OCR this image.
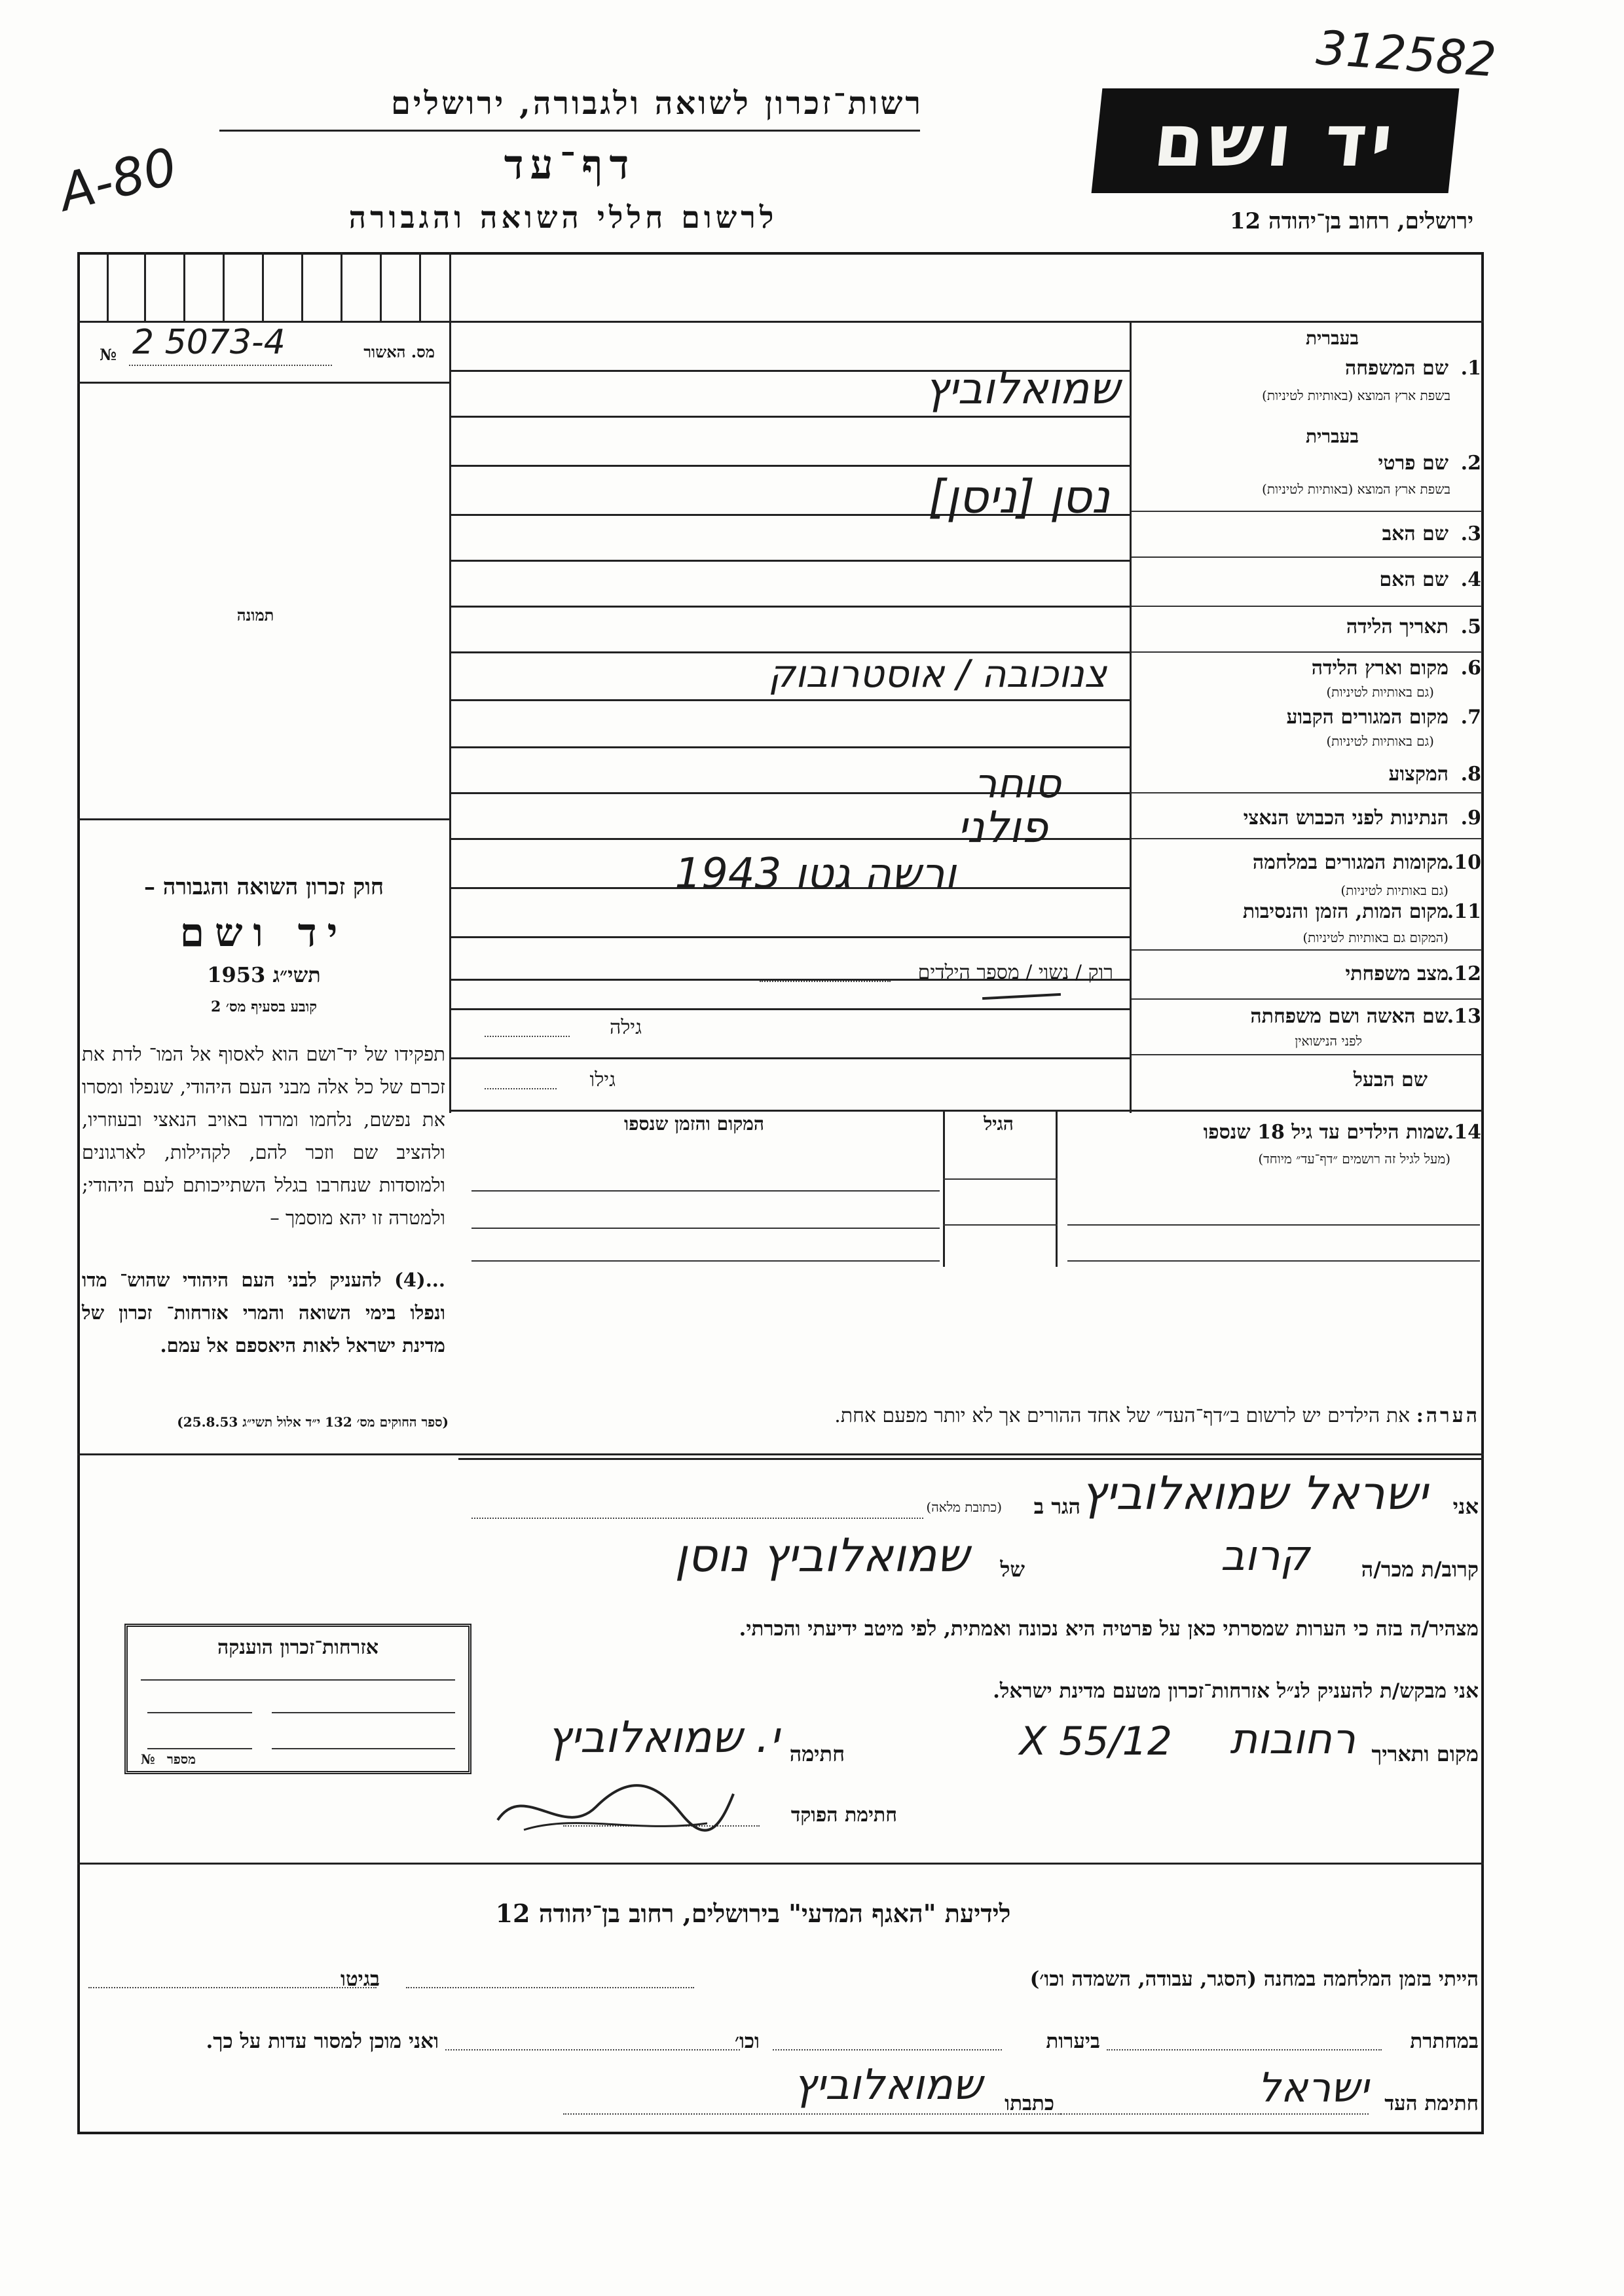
312582
A-80
רשות־זכרון לשואה ולגבורה, ירושלים
דף־עד
לרשום חללי השואה והגבורה
יד ושם
ירושלים, רחוב בן־יהודה 12
מס. האשור
№ 2 5073-4
תמונה
חוק זכרון השואה והגבורה –
יד ושם
תשי״ג 1953
קובע בסעיף מס׳ 2
תפקידו של יד־ושם הוא לאסוף אל המו־ לדת את זכרם של כל אלה מבני העם היהודי, שנפלו ומסרו את נפשם, נלחמו ומרדו באויב הנאצי ובעוזריו, ולהציב שם וזכר להם, לקהילות, לארגונים ולמוסדות שנחרבו בגלל השתייכותם לעם היהודי; ולמטרה זו יהא מוסמך –
...(4) להעניק לבני העם היהודי שהוש־ מדו ונפלו בימי השואה והמרי אזרחות־ זכרון של מדינת ישראל לאות היאספם אל עמם.
(ספר החוקים מס׳ 132 י״ד אלול תשי״ג 25.8.53)
בעברית
1.
שם המשפחה
בשפת ארץ המוצא (באותיות לטיניות)
בעברית
2.
שם פרטי
בשפת ארץ המוצא (באותיות לטיניות)
3.
שם האב
4.
שם האם
5.
תאריך הלידה
6.
מקום וארץ הלידה
(גם באותיות לטיניות)
7.
מקום המגורים הקבוע
(גם באותיות לטיניות)
8.
המקצוע
9.
הנתינות לפני הכבוש הנאצי
10.
מקומות המגורים במלחמה
(גם באותיות לטיניות)
11.
מקום המות, הזמן והנסיבות
(המקום גם באותיות לטיניות)
12.
מצב משפחתי
13.
שם האשה ושם משפחתה
לפני הנישואין
שם הבעל
שמואלוביץ
נסן [ניסן]
צנוכובה / אוסטרובוק
סוחר
פולני
ורשה גטו 1943
רוק / נשוי / מספר הילדים
גילה
גילו
המקום והזמן שנספו	הגיל	14.
שמות הילדים עד גיל 18 שנספו
(מעל לגיל זה רושמים ״דף־עד״ מיוחד)
הערה: את הילדים יש לרשום ב״דף־העד״ של אחד ההורים אך לא יותר מפעם אחת.
אני
ישראל שמואלוביץ
הגר ב
(כתובת מלאה)
קרוב/ת מכר/ה
קרוב
של
שמואלוביץ נוסן
מצהיר/ה בזה כי הערות שמסרתי כאן על פרטיה היא נכונה ואמתית, לפי מיטב ידיעתי והכרתי.
אני מבקש/ת להעניק לנ״ל אזרחות־זכרון מטעם מדינת ישראל.
מקום ותאריך
רחובות
12/X 55
חתימה
י. שמואלוביץ
חתימת הפוקד
אזרחות־זכרון הוענקה
מספר
№
לידיעת "האגף המדעי" בירושלים, רחוב בן־יהודה 12
הייתי בזמן המלחמה במחנה (הסגר, עבודה, השמדה וכו׳)
בגיטו
במחתרת
ביערות
וכו׳
ואני מוכן למסור עדות על כך.
חתימת העד
ישראל
כתבתו
שמואלוביץ
